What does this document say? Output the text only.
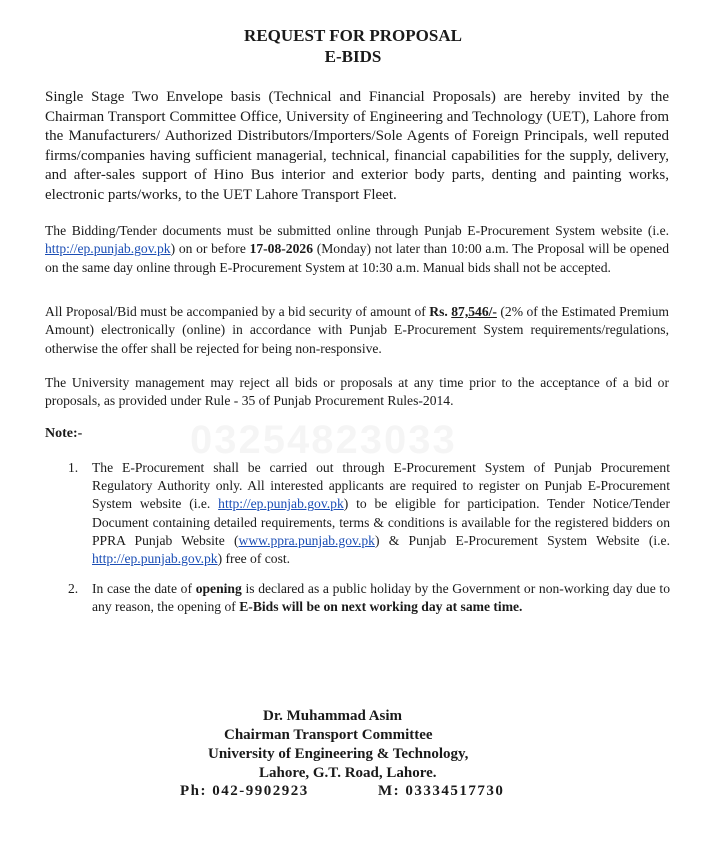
REQUEST FOR PROPOSAL
E-BIDS

Single Stage Two Envelope basis (Technical and Financial Proposals) are hereby invited by the Chairman Transport Committee Office, University of Engineering and Technology (UET), Lahore from the Manufacturers/ Authorized Distributors/Importers/Sole Agents of Foreign Principals, well reputed firms/companies having sufficient managerial, technical, financial capabilities for the supply, delivery, and after-sales support of Hino Bus interior and exterior body parts, denting and painting works, electronic parts/works, to the UET Lahore Transport Fleet.

The Bidding/Tender documents must be submitted online through Punjab E-Procurement System website (i.e. http://ep.punjab.gov.pk) on or before 17-08-2026 (Monday) not later than 10:00 a.m. The Proposal will be opened on the same day online through E-Procurement System at 10:30 a.m. Manual bids shall not be accepted.

All Proposal/Bid must be accompanied by a bid security of amount of Rs. 87,546/- (2% of the Estimated Premium Amount) electronically (online) in accordance with Punjab E-Procurement System requirements/regulations, otherwise the offer shall be rejected for being non-responsive.

The University management may reject all bids or proposals at any time prior to the acceptance of a bid or proposals, as provided under Rule - 35 of Punjab Procurement Rules-2014.

Note:-
1.	The E-Procurement shall be carried out through E-Procurement System of Punjab Procurement Regulatory Authority only. All interested applicants are required to register on Punjab E-Procurement System website (i.e. http://ep.punjab.gov.pk) to be eligible for participation. Tender Notice/Tender Document containing detailed requirements, terms & conditions is available for the registered bidders on PPRA Punjab Website (www.ppra.punjab.gov.pk) & Punjab E-Procurement System Website (i.e. http://ep.punjab.gov.pk) free of cost.
2.	In case the date of opening is declared as a public holiday by the Government or non-working day due to any reason, the opening of E-Bids will be on next working day at same time.
Dr. Muhammad Asim
Chairman Transport Committee
University of Engineering & Technology,
Lahore, G.T. Road, Lahore.
Ph: 042-9902923	M: 03334517730
